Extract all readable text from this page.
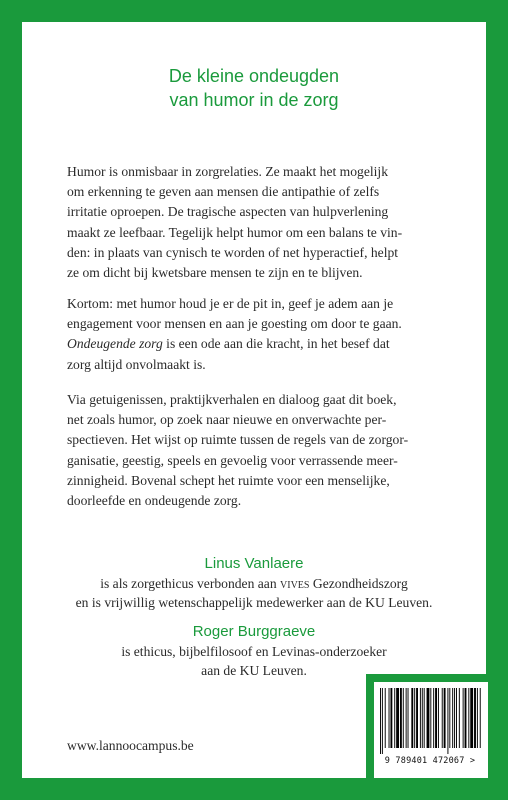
De kleine ondeugden
van humor in de zorg
Humor is onmisbaar in zorgrelaties. Ze maakt het mogelijk
om erkenning te geven aan mensen die antipathie of zelfs
irritatie oproepen. De tragische aspecten van hulpverlening
maakt ze leefbaar. Tegelijk helpt humor om een balans te vin-
den: in plaats van cynisch te worden of net hyperactief, helpt
ze om dicht bij kwetsbare mensen te zijn en te blijven.
Kortom: met humor houd je er de pit in, geef je adem aan je
engagement voor mensen en aan je goesting om door te gaan.
Ondeugende zorg is een ode aan die kracht, in het besef dat
zorg altijd onvolmaakt is.
Via getuigenissen, praktijkverhalen en dialoog gaat dit boek,
net zoals humor, op zoek naar nieuwe en onverwachte per-
spectieven. Het wijst op ruimte tussen de regels van de zorgor-
ganisatie, geestig, speels en gevoelig voor verrassende meer-
zinnigheid. Bovenal schept het ruimte voor een menselijke,
doorleefde en ondeugende zorg.
Linus Vanlaere
is als zorgethicus verbonden aan vives Gezondheidszorg
en is vrijwillig wetenschappelijk medewerker aan de KU Leuven.
Roger Burggraeve
is ethicus, bijbelfilosoof en Levinas-onderzoeker
aan de KU Leuven.
www.lannoocampus.be
9 789401 472067 >
